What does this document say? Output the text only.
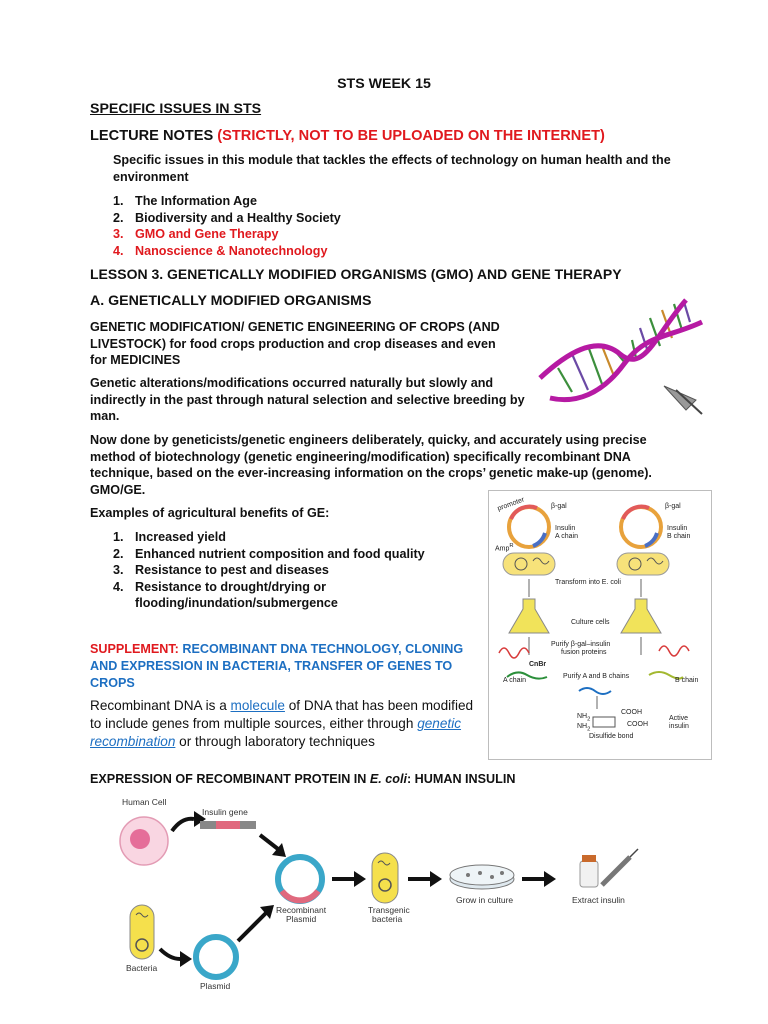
STS WEEK 15
SPECIFIC ISSUES IN STS
LECTURE NOTES (STRICTLY, NOT TO BE UPLOADED ON THE INTERNET)
Specific issues in this module that tackles the effects of technology on human health and the environment
1. The Information Age
2. Biodiversity and a Healthy Society
3. GMO and Gene Therapy
4. Nanoscience & Nanotechnology
LESSON 3. GENETICALLY MODIFIED ORGANISMS (GMO) AND GENE THERAPY
A. GENETICALLY MODIFIED ORGANISMS
GENETIC MODIFICATION/ GENETIC ENGINEERING OF CROPS (AND LIVESTOCK) for food crops production and crop diseases and even for MEDICINES
Genetic alterations/modifications occurred naturally but slowly and indirectly in the past through natural selection and selective breeding by man.
Now done by geneticists/genetic engineers deliberately, quicky, and accurately using precise method of biotechnology (genetic engineering/modification) specifically recombinant DNA technique, based on the ever-increasing information on the crops’ genetic make-up (genome). GMO/GE.
Examples of agricultural benefits of GE:
1. Increased yield
2. Enhanced nutrient composition and food quality
3. Resistance to pest and diseases
4. Resistance to drought/drying or flooding/inundation/submergence
promoter	β-gal	β-gal
Insulin
A chain
Insulin
B chain
Amp$^R$
Transform into E. coli
Culture cells
Purify β-gal–insulin
fusion proteins
CnBr
A chain
Purify A and B chains
B chain
$NH_2$
$NH_2$
COOH
COOH
Active
insulin
Disulfide bond
SUPPLEMENT: RECOMBINANT DNA TECHNOLOGY, CLONING AND EXPRESSION IN BACTERIA, TRANSFER OF GENES TO CROPS
Recombinant DNA is a molecule of DNA that has been modified to include genes from multiple sources, either through genetic recombination or through laboratory techniques
EXPRESSION OF RECOMBINANT PROTEIN IN E. coli: HUMAN INSULIN
Human Cell
Insulin gene
Recombinant
Plasmid
Transgenic
bacteria
Grow in culture	Extract insulin
Bacteria
Plasmid
